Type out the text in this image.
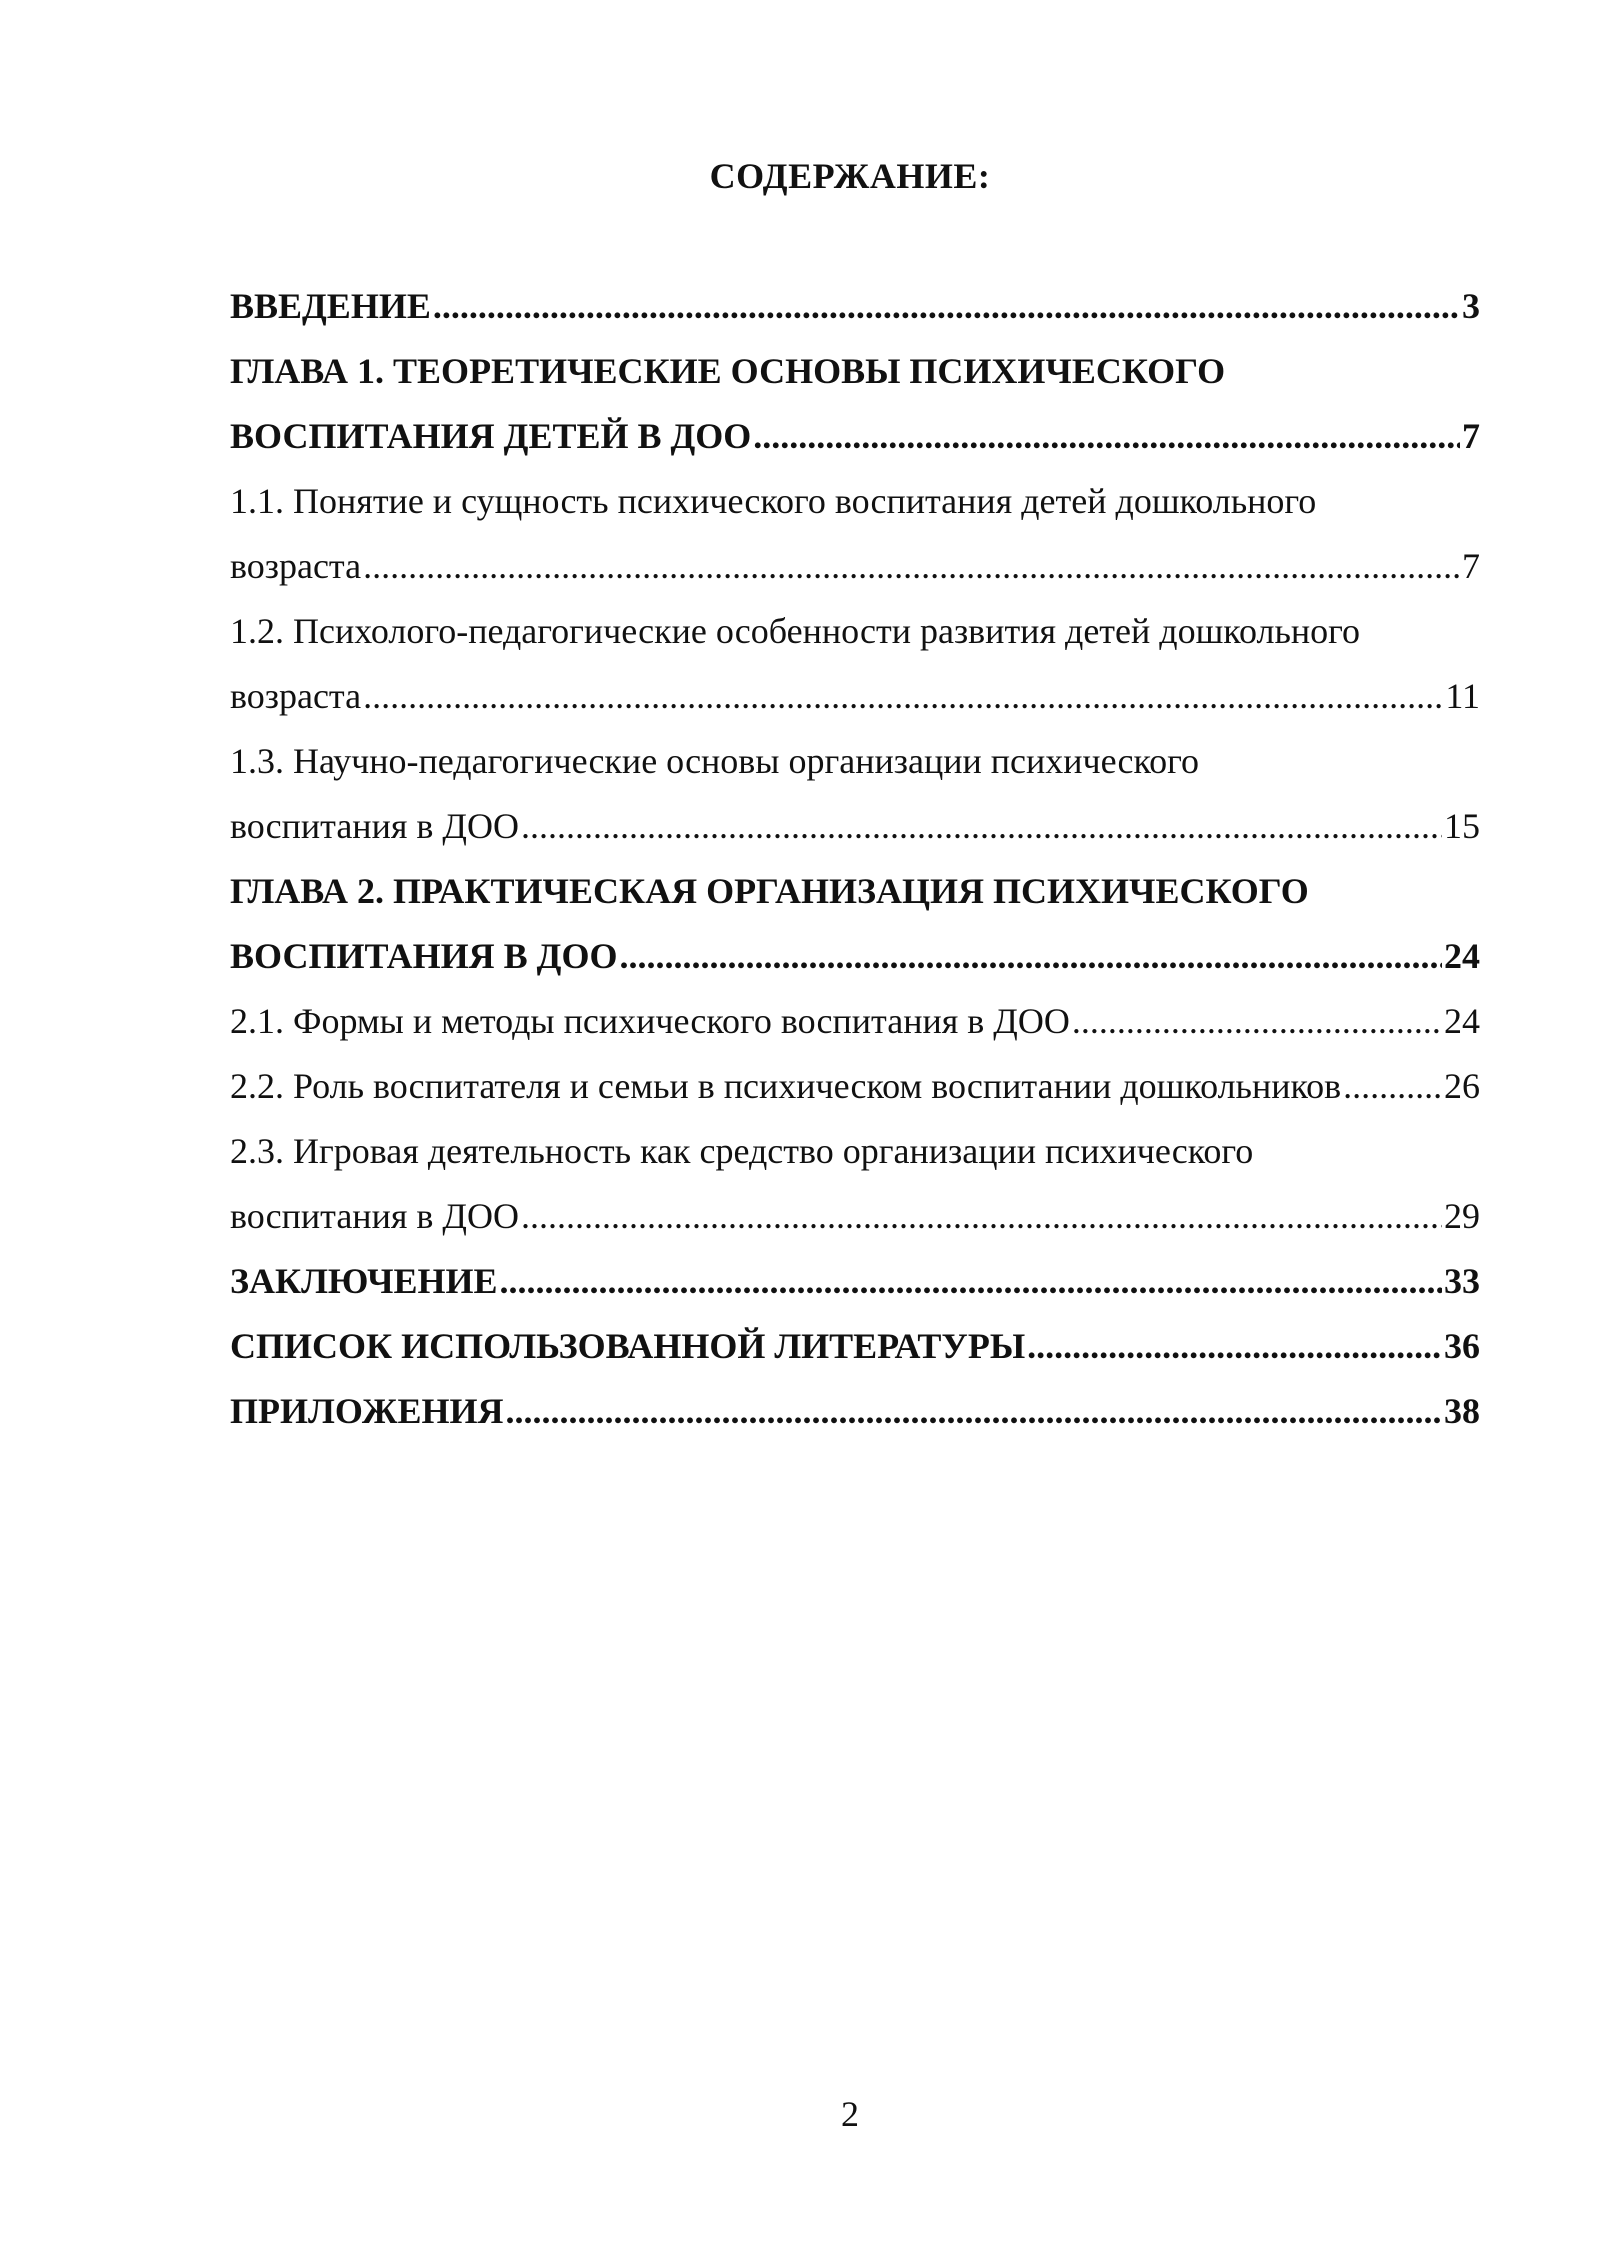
СОДЕРЖАНИЕ:
ВВЕДЕНИЕ .....	3
ГЛАВА 1. ТЕОРЕТИЧЕСКИЕ ОСНОВЫ ПСИХИЧЕСКОГО
ВОСПИТАНИЯ ДЕТЕЙ В ДОО .....	7
1.1. Понятие и сущность психического воспитания детей дошкольного
возраста .....	7
1.2. Психолого-педагогические особенности развития детей дошкольного
возраста .....	11
1.3. Научно-педагогические основы организации психического
воспитания в ДОО .....	15
ГЛАВА 2. ПРАКТИЧЕСКАЯ ОРГАНИЗАЦИЯ ПСИХИЧЕСКОГО
ВОСПИТАНИЯ В ДОО .....	24
2.1. Формы и методы психического воспитания в ДОО .....	24
2.2. Роль воспитателя и семьи в психическом воспитании дошкольников .....	26
2.3. Игровая деятельность как средство организации психического
воспитания в ДОО .....	29
ЗАКЛЮЧЕНИЕ .....	33
СПИСОК ИСПОЛЬЗОВАННОЙ ЛИТЕРАТУРЫ .....	36
ПРИЛОЖЕНИЯ .....	38
2
